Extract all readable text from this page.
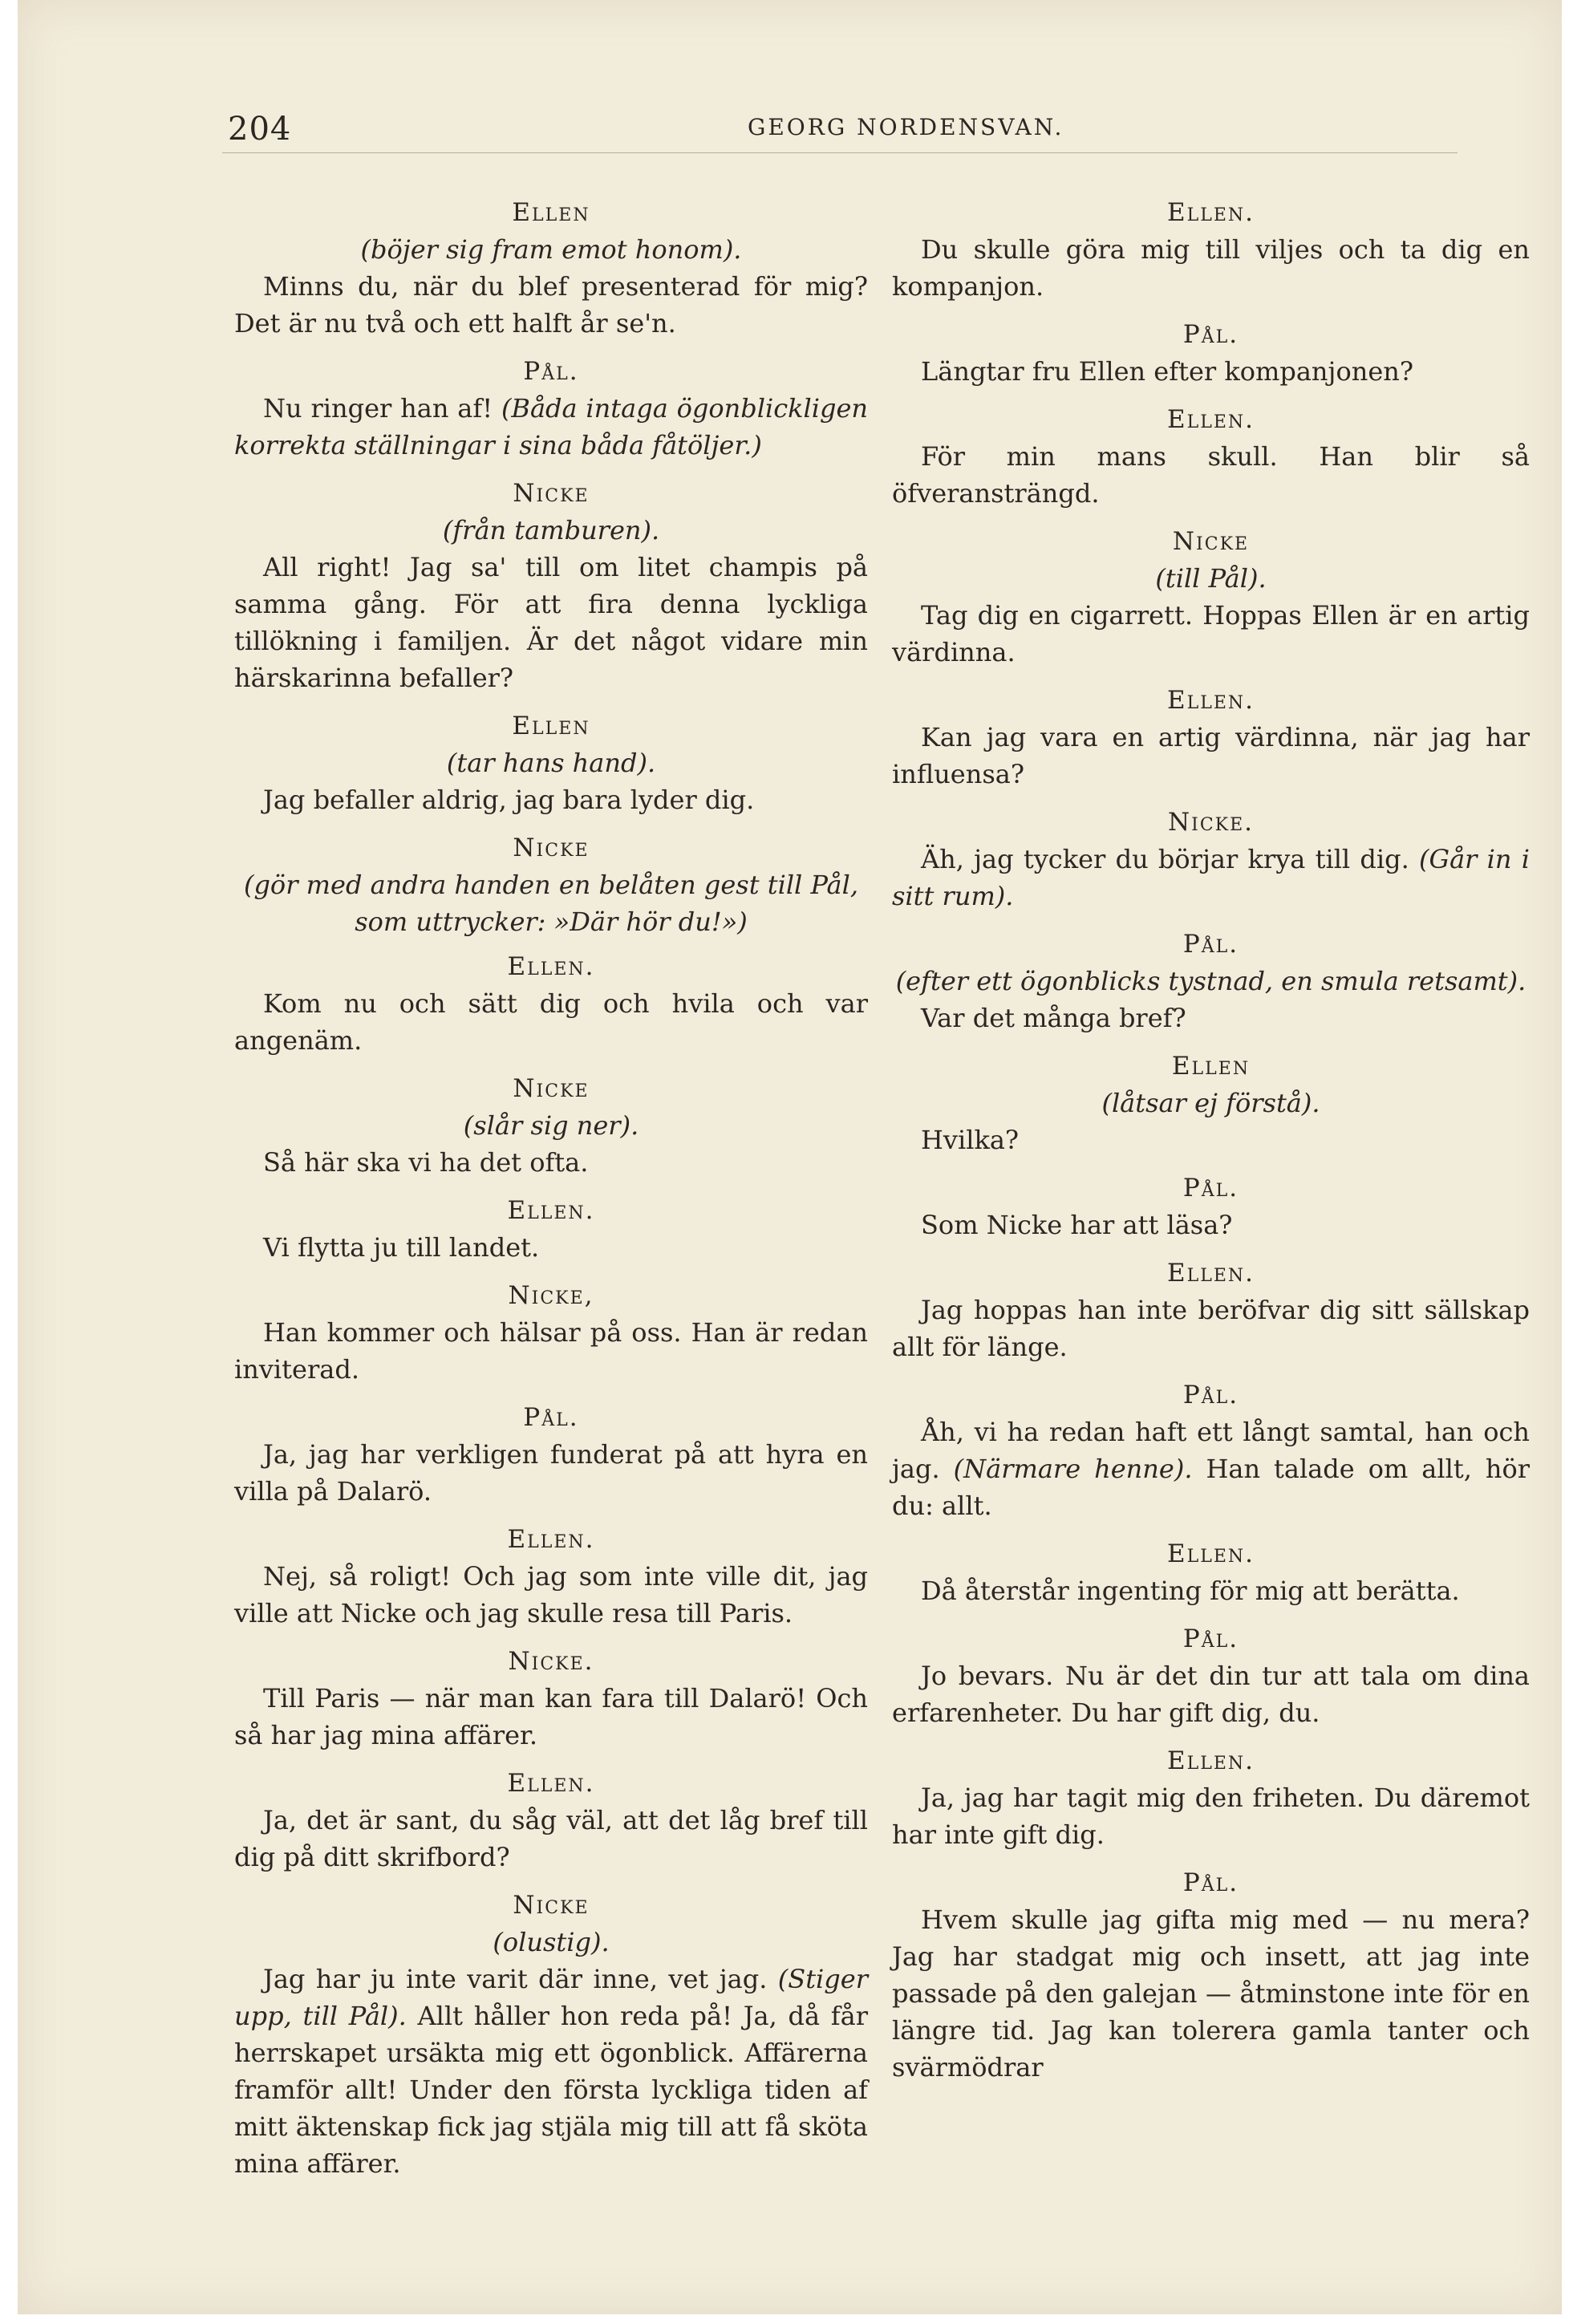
204	GEORG NORDENSVAN.
Ellen
(böjer sig fram emot honom).
Minns du, när du blef presenterad för mig? Det är nu två och ett halft år se'n.
Pål.
Nu ringer han af! (Båda intaga ögonblickligen korrekta ställningar i sina båda fåtöljer.)
Nicke
(från tamburen).
All right! Jag sa' till om litet champis på samma gång. För att fira denna lyckliga tillökning i familjen. Är det något vidare min härskarinna befaller?
Ellen
(tar hans hand).
Jag befaller aldrig, jag bara lyder dig.
Nicke
(gör med andra handen en belåten gest till Pål, som uttrycker: »Där hör du!»)
Ellen.
Kom nu och sätt dig och hvila och var angenäm.
Nicke
(slår sig ner).
Så här ska vi ha det ofta.
Ellen.
Vi flytta ju till landet.
Nicke,
Han kommer och hälsar på oss. Han är redan inviterad.
Pål.
Ja, jag har verkligen funderat på att hyra en villa på Dalarö.
Ellen.
Nej, så roligt! Och jag som inte ville dit, jag ville att Nicke och jag skulle resa till Paris.
Nicke.
Till Paris — när man kan fara till Dalarö! Och så har jag mina affärer.
Ellen.
Ja, det är sant, du såg väl, att det låg bref till dig på ditt skrifbord?
Nicke
(olustig).
Jag har ju inte varit där inne, vet jag. (Stiger upp, till Pål). Allt håller hon reda på! Ja, då får herrskapet ursäkta mig ett ögonblick. Affärerna framför allt! Under den första lyckliga tiden af mitt äktenskap fick jag stjäla mig till att få sköta mina affärer.
Ellen.
Du skulle göra mig till viljes och ta dig en kompanjon.
Pål.
Längtar fru Ellen efter kompanjonen?
Ellen.
För min mans skull. Han blir så öfveransträngd.
Nicke
(till Pål).
Tag dig en cigarrett. Hoppas Ellen är en artig värdinna.
Ellen.
Kan jag vara en artig värdinna, när jag har influensa?
Nicke.
Äh, jag tycker du börjar krya till dig. (Går in i sitt rum).
Pål.
(efter ett ögonblicks tystnad, en smula retsamt).
Var det många bref?
Ellen
(låtsar ej förstå).
Hvilka?
Pål.
Som Nicke har att läsa?
Ellen.
Jag hoppas han inte beröfvar dig sitt sällskap allt för länge.
Pål.
Åh, vi ha redan haft ett långt samtal, han och jag. (Närmare henne). Han talade om allt, hör du: allt.
Ellen.
Då återstår ingenting för mig att berätta.
Pål.
Jo bevars. Nu är det din tur att tala om dina erfarenheter. Du har gift dig, du.
Ellen.
Ja, jag har tagit mig den friheten. Du däremot har inte gift dig.
Pål.
Hvem skulle jag gifta mig med — nu mera? Jag har stadgat mig och insett, att jag inte passade på den galejan — åtminstone inte för en längre tid. Jag kan tolerera gamla tanter och svärmödrar
